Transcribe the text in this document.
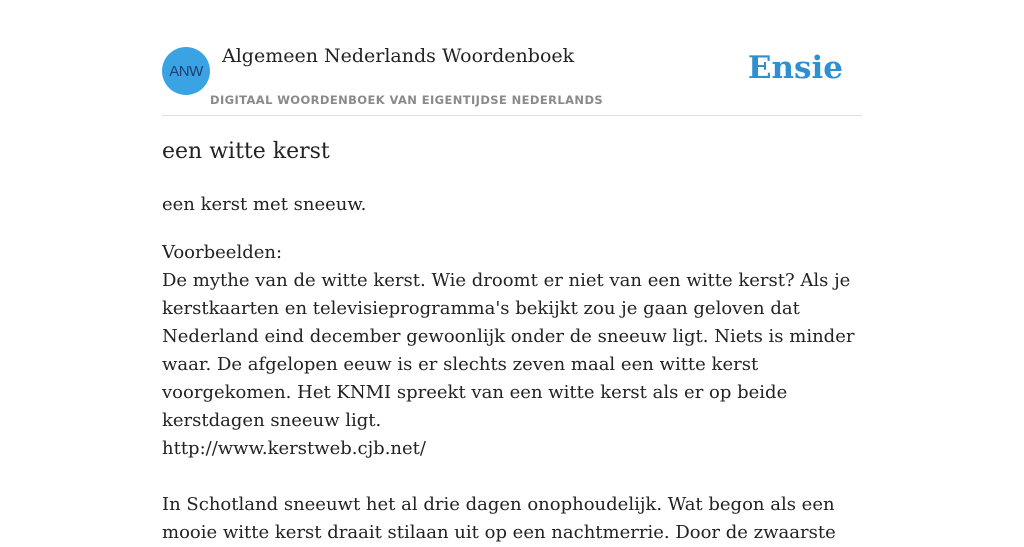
ANW
Algemeen Nederlands Woordenboek
DIGITAAL WOORDENBOEK VAN EIGENTIJDSE NEDERLANDS
Ensie
een witte kerst

een kerst met sneeuw.

Voorbeelden:

De mythe van de witte kerst. Wie droomt er niet van een witte kerst? Als je kerstkaarten en televisieprogramma's bekijkt zou je gaan geloven dat Nederland eind december gewoonlijk onder de sneeuw ligt. Niets is minder waar. De afgelopen eeuw is er slechts zeven maal een witte kerst voorgekomen. Het KNMI spreekt van een witte kerst als er op beide kerstdagen sneeuw ligt.

http://www.kerstweb.cjb.net/

In Schotland sneeuwt het al drie dagen onophoudelijk. Wat begon als een mooie witte kerst draait stilaan uit op een nachtmerrie. Door de zwaarste
